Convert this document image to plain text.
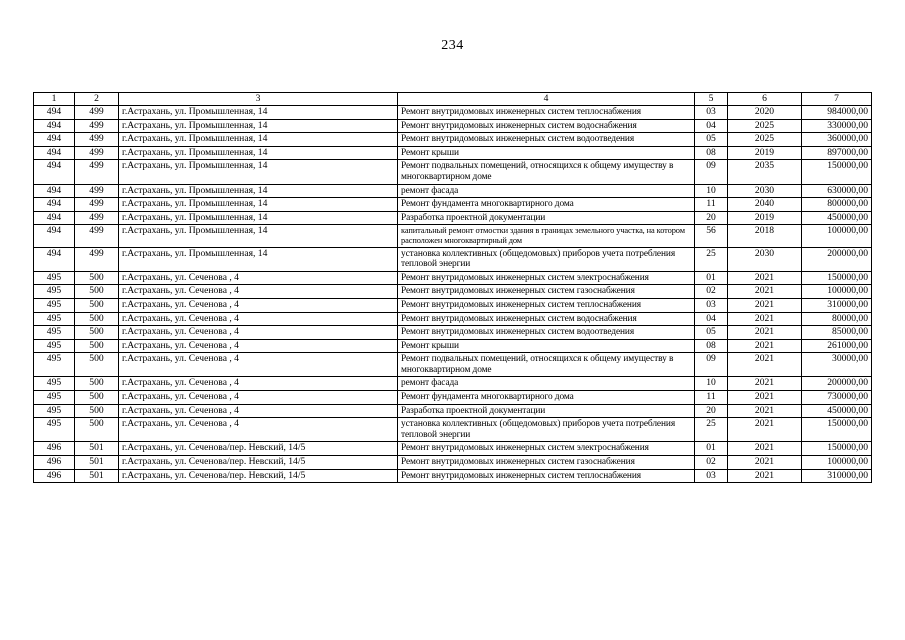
234
1	2	3	4	5	6	7
494	499	г.Астрахань, ул. Промышленная, 14	Ремонт внутридомовых инженерных систем теплоснабжения	03	2020	984000,00
494	499	г.Астрахань, ул. Промышленная, 14	Ремонт внутридомовых инженерных систем водоснабжения	04	2025	330000,00
494	499	г.Астрахань, ул. Промышленная, 14	Ремонт внутридомовых инженерных систем водоотведения	05	2025	360000,00
494	499	г.Астрахань, ул. Промышленная, 14	Ремонт крыши	08	2019	897000,00
494	499	г.Астрахань, ул. Промышленная, 14	Ремонт подвальных помещений, относящихся к общему имуществу в многоквартирном доме	09	2035	150000,00
494	499	г.Астрахань, ул. Промышленная, 14	ремонт фасада	10	2030	630000,00
494	499	г.Астрахань, ул. Промышленная, 14	Ремонт фундамента многоквартирного дома	11	2040	800000,00
494	499	г.Астрахань, ул. Промышленная, 14	Разработка проектной документации	20	2019	450000,00
494	499	г.Астрахань, ул. Промышленная, 14	капитальный ремонт отмостки здания в границах земельного участка, на котором расположен многоквартирный дом	56	2018	100000,00
494	499	г.Астрахань, ул. Промышленная, 14	установка коллективных (общедомовых) приборов учета потребления тепловой энергии	25	2030	200000,00
495	500	г.Астрахань, ул. Сеченова , 4	Ремонт внутридомовых инженерных систем электроснабжения	01	2021	150000,00
495	500	г.Астрахань, ул. Сеченова , 4	Ремонт внутридомовых инженерных систем газоснабжения	02	2021	100000,00
495	500	г.Астрахань, ул. Сеченова , 4	Ремонт внутридомовых инженерных систем теплоснабжения	03	2021	310000,00
495	500	г.Астрахань, ул. Сеченова , 4	Ремонт внутридомовых инженерных систем водоснабжения	04	2021	80000,00
495	500	г.Астрахань, ул. Сеченова , 4	Ремонт внутридомовых инженерных систем водоотведения	05	2021	85000,00
495	500	г.Астрахань, ул. Сеченова , 4	Ремонт крыши	08	2021	261000,00
495	500	г.Астрахань, ул. Сеченова , 4	Ремонт подвальных помещений, относящихся к общему имуществу в многоквартирном доме	09	2021	30000,00
495	500	г.Астрахань, ул. Сеченова , 4	ремонт фасада	10	2021	200000,00
495	500	г.Астрахань, ул. Сеченова , 4	Ремонт фундамента многоквартирного дома	11	2021	730000,00
495	500	г.Астрахань, ул. Сеченова , 4	Разработка проектной документации	20	2021	450000,00
495	500	г.Астрахань, ул. Сеченова , 4	установка коллективных (общедомовых) приборов учета потребления тепловой энергии	25	2021	150000,00
496	501	г.Астрахань, ул. Сеченова/пер. Невский, 14/5	Ремонт внутридомовых инженерных систем электроснабжения	01	2021	150000,00
496	501	г.Астрахань, ул. Сеченова/пер. Невский, 14/5	Ремонт внутридомовых инженерных систем газоснабжения	02	2021	100000,00
496	501	г.Астрахань, ул. Сеченова/пер. Невский, 14/5	Ремонт внутридомовых инженерных систем теплоснабжения	03	2021	310000,00
